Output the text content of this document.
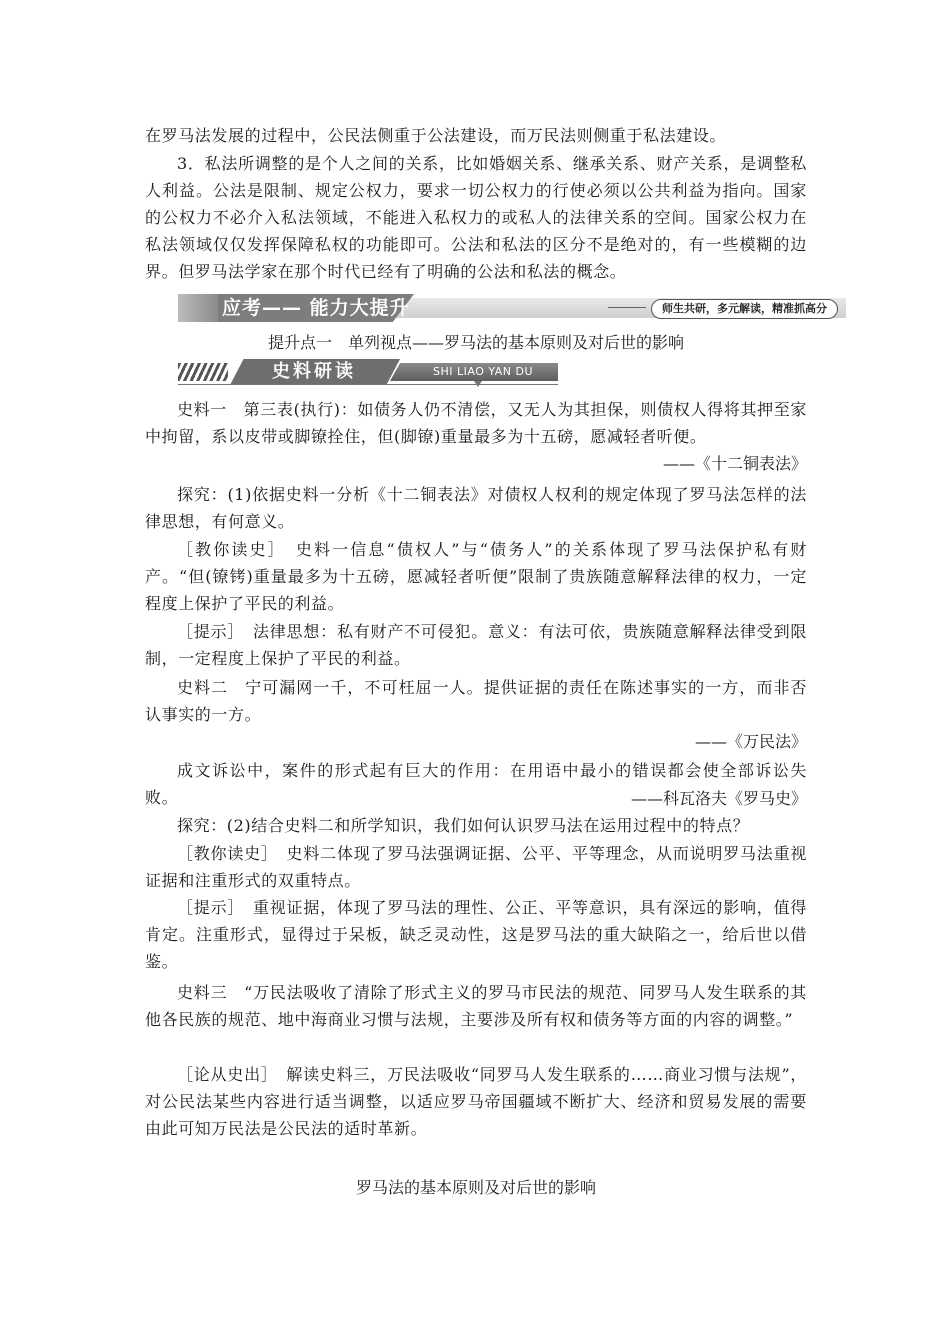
在罗马法发展的过程中，公民法侧重于公法建设，而万民法则侧重于私法建设。

3．私法所调整的是个人之间的关系，比如婚姻关系、继承关系、财产关系，是调整私人利益。公法是限制、规定公权力，要求一切公权力的行使必须以公共利益为指向。国家的公权力不必介入私法领域，不能进入私权力的或私人的法律关系的空间。国家公权力在私法领域仅仅发挥保障私权的功能即可。公法和私法的区分不是绝对的，有一些模糊的边界。但罗马法学家在那个时代已经有了明确的公法和私法的概念。

应考—— 能力大提升	师生共研，多元解读，精准抓高分

提升点一　单列视点——罗马法的基本原则及对后世的影响

史料研读	SHI LIAO YAN DU

史料一　第三表(执行)：如债务人仍不清偿，又无人为其担保，则债权人得将其押至家中拘留，系以皮带或脚镣拴住，但(脚镣)重量最多为十五磅，愿减轻者听便。

——《十二铜表法》

探究：(1)依据史料一分析《十二铜表法》对债权人权利的规定体现了罗马法怎样的法律思想，有何意义。

［教你读史］　史料一信息“债权人”与“债务人”的关系体现了罗马法保护私有财产。“但(镣铐)重量最多为十五磅，愿减轻者听便”限制了贵族随意解释法律的权力，一定程度上保护了平民的利益。

［提示］　法律思想：私有财产不可侵犯。意义：有法可依，贵族随意解释法律受到限制，一定程度上保护了平民的利益。

史料二　宁可漏网一千，不可枉屈一人。提供证据的责任在陈述事实的一方，而非否认事实的一方。

——《万民法》

成文诉讼中，案件的形式起有巨大的作用：在用语中最小的错误都会使全部诉讼失败。	——科瓦洛夫《罗马史》

探究：(2)结合史料二和所学知识，我们如何认识罗马法在运用过程中的特点？

［教你读史］　史料二体现了罗马法强调证据、公平、平等理念，从而说明罗马法重视证据和注重形式的双重特点。

［提示］　重视证据，体现了罗马法的理性、公正、平等意识，具有深远的影响，值得肯定。注重形式，显得过于呆板，缺乏灵动性，这是罗马法的重大缺陷之一，给后世以借鉴。

史料三　“万民法吸收了清除了形式主义的罗马市民法的规范、同罗马人发生联系的其他各民族的规范、地中海商业习惯与法规，主要涉及所有权和债务等方面的内容的调整。”

［论从史出］　解读史料三，万民法吸收“同罗马人发生联系的……商业习惯与法规”，对公民法某些内容进行适当调整，以适应罗马帝国疆域不断扩大、经济和贸易发展的需要由此可知万民法是公民法的适时革新。

罗马法的基本原则及对后世的影响
